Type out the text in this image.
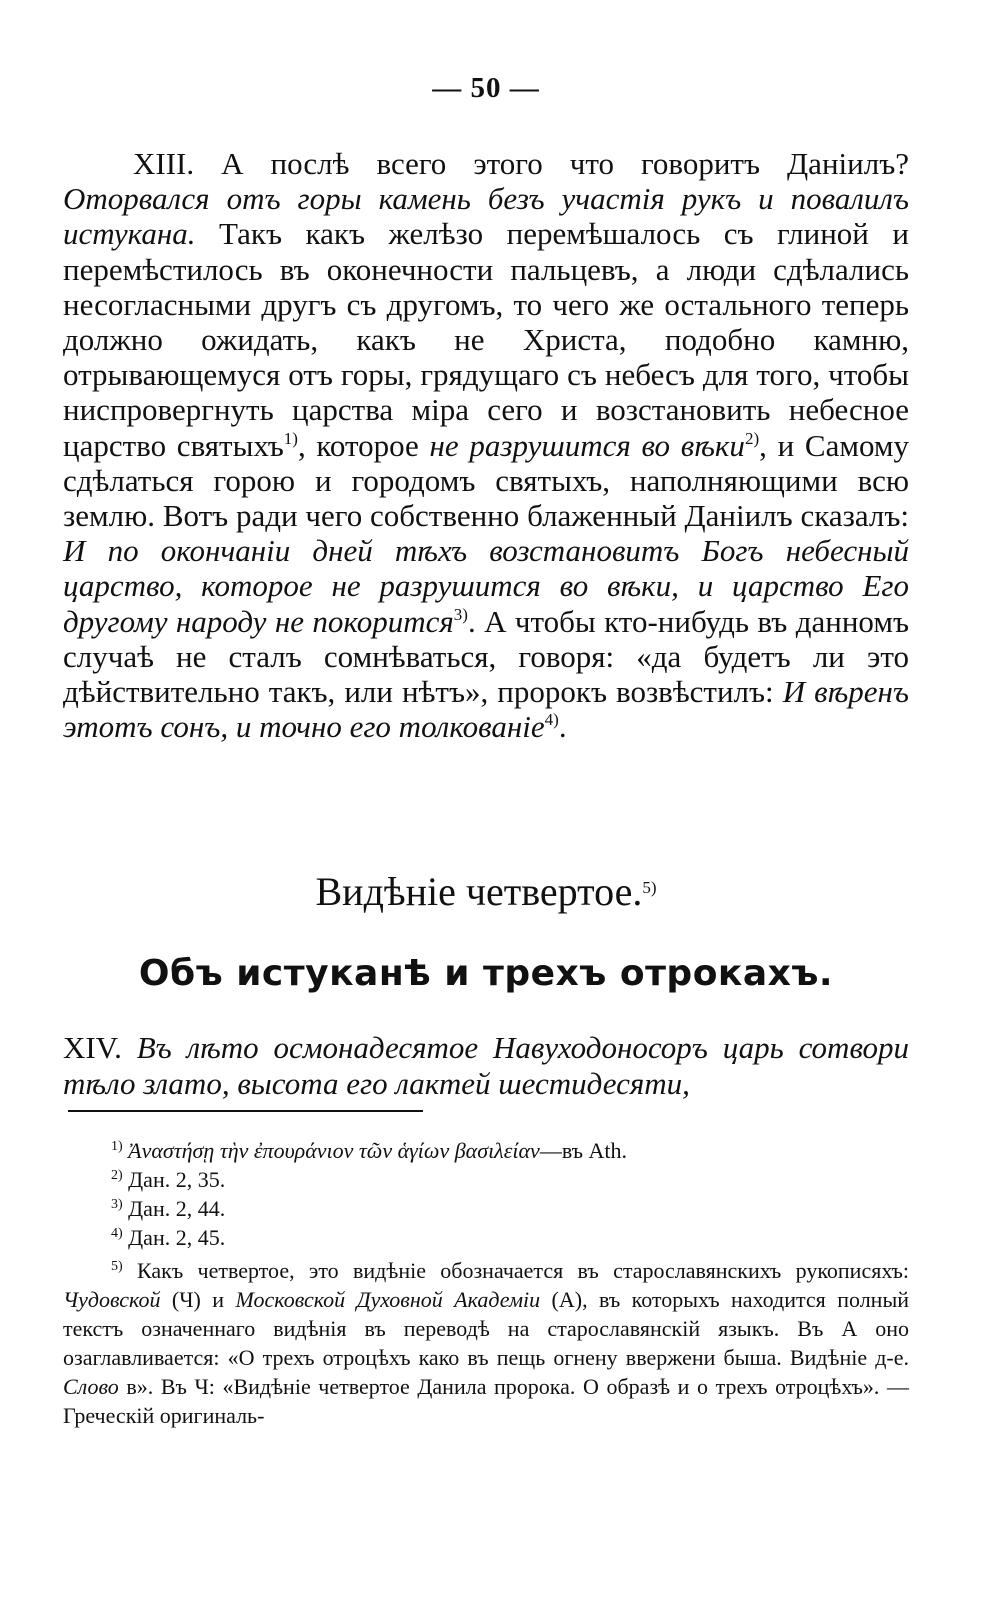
— 50 —

XIII. А послѣ всего этого что говоритъ Даніилъ? Оторвался отъ горы камень безъ участія рукъ и повалилъ истукана. Такъ какъ желѣзо перемѣшалось съ глиной и перемѣстилось въ оконечности пальцевъ, а люди сдѣлались несогласными другъ съ другомъ, то чего же остального теперь должно ожидать, какъ не Христа, подобно камню, отрывающемуся отъ горы, грядущаго съ небесъ для того, чтобы ниспровергнуть царства міра сего и возстановить небесное царство святыхъ$^{1)}$, которое не разрушится во вѣки$^{2)}$, и Самому сдѣлаться горою и городомъ святыхъ, наполняющими всю землю. Вотъ ради чего собственно блаженный Даніилъ сказалъ: И по окончаніи дней тѣхъ возстановитъ Богъ небесный царство, которое не разрушится во вѣки, и царство Его другому народу не покорится$^{3)}$. А чтобы кто-нибудь въ данномъ случаѣ не сталъ сомнѣваться, говоря: «да будетъ ли это дѣйствительно такъ, или нѣтъ», пророкъ возвѣстилъ: И вѣренъ этотъ сонъ, и точно его толкованіе$^{4)}$.

Видѣніе четвертое.$^{5)}$
Объ истуканѣ и трехъ отрокахъ.

XIV. Въ лѣто осмонадесятое Навуходоносоръ царь сотвори тѣло злато, высота его лактей шестидесяти,

$^{1)}$ Ἀναστήσῃ τὴν ἐπουράνιον τῶν ἁγίων βασιλείαν—въ Ath.

$^{2)}$ Дан. 2, 35.

$^{3)}$ Дан. 2, 44.

$^{4)}$ Дан. 2, 45.

$^{5)}$ Какъ четвертое, это видѣніе обозначается въ старославянскихъ рукописяхъ: Чудовской (Ч) и Московской Духовной Академіи (А), въ которыхъ находится полный текстъ означеннаго видѣнія въ переводѣ на старославянскій языкъ. Въ А оно озаглавливается: «О трехъ отроцѣхъ како въ пещь огнену ввержени быша. Видѣніе д-е. Слово в». Въ Ч: «Видѣніе четвертое Данила пророка. О образѣ и о трехъ отроцѣхъ». — Греческій оригиналь-
